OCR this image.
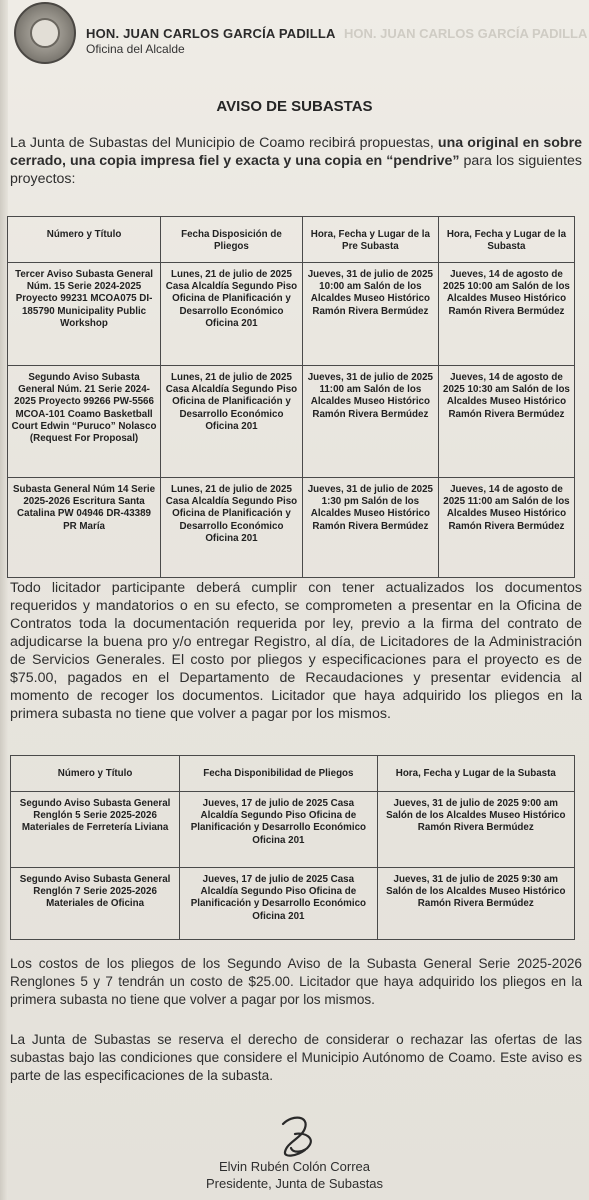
HON. JUAN CARLOS GARCÍA PADILLA
HON. JUAN CARLOS GARCÍA PADILLA
Oficina del Alcalde
AVISO DE SUBASTAS
La Junta de Subastas del Municipio de Coamo recibirá propuestas, una original en sobre cerrado, una copia impresa fiel y exacta y una copia en “pendrive” para los siguientes proyectos:
Número y Título	Fecha Disposición de Pliegos	Hora, Fecha y Lugar de la Pre Subasta	Hora, Fecha y Lugar de la Subasta
Tercer Aviso Subasta General Núm. 15 Serie 2024-2025 Proyecto 99231 MCOA075 DI-185790 Municipality Public Workshop	Lunes, 21 de julio de 2025 Casa Alcaldía Segundo Piso Oficina de Planificación y Desarrollo Económico Oficina 201	Jueves, 31 de julio de 2025 10:00 am Salón de los Alcaldes Museo Histórico Ramón Rivera Bermúdez	Jueves, 14 de agosto de 2025 10:00 am Salón de los Alcaldes Museo Histórico Ramón Rivera Bermúdez
Segundo Aviso Subasta General Núm. 21 Serie 2024-2025 Proyecto 99266 PW-5566 MCOA-101 Coamo Basketball Court Edwin “Puruco” Nolasco (Request For Proposal)	Lunes, 21 de julio de 2025 Casa Alcaldía Segundo Piso Oficina de Planificación y Desarrollo Económico Oficina 201	Jueves, 31 de julio de 2025 11:00 am Salón de los Alcaldes Museo Histórico Ramón Rivera Bermúdez	Jueves, 14 de agosto de 2025 10:30 am Salón de los Alcaldes Museo Histórico Ramón Rivera Bermúdez
Subasta General Núm 14 Serie 2025-2026 Escritura Santa Catalina PW 04946 DR-43389 PR María	Lunes, 21 de julio de 2025 Casa Alcaldía Segundo Piso Oficina de Planificación y Desarrollo Económico Oficina 201	Jueves, 31 de julio de 2025 1:30 pm Salón de los Alcaldes Museo Histórico Ramón Rivera Bermúdez	Jueves, 14 de agosto de 2025 11:00 am Salón de los Alcaldes Museo Histórico Ramón Rivera Bermúdez
Todo licitador participante deberá cumplir con tener actualizados los documentos requeridos y mandatorios o en su efecto, se comprometen a presentar en la Oficina de Contratos toda la documentación requerida por ley, previo a la firma del contrato de adjudicarse la buena pro y/o entregar Registro, al día, de Licitadores de la Administración de Servicios Generales. El costo por pliegos y especificaciones para el proyecto es de $75.00, pagados en el Departamento de Recaudaciones y presentar evidencia al momento de recoger los documentos. Licitador que haya adquirido los pliegos en la primera subasta no tiene que volver a pagar por los mismos.
Número y Título	Fecha Disponibilidad de Pliegos	Hora, Fecha y Lugar de la Subasta
Segundo Aviso Subasta General Renglón 5 Serie 2025-2026 Materiales de Ferretería Liviana	Jueves, 17 de julio de 2025 Casa Alcaldía Segundo Piso Oficina de Planificación y Desarrollo Económico Oficina 201	Jueves, 31 de julio de 2025 9:00 am Salón de los Alcaldes Museo Histórico Ramón Rivera Bermúdez
Segundo Aviso Subasta General Renglón 7 Serie 2025-2026 Materiales de Oficina	Jueves, 17 de julio de 2025 Casa Alcaldía Segundo Piso Oficina de Planificación y Desarrollo Económico Oficina 201	Jueves, 31 de julio de 2025 9:30 am Salón de los Alcaldes Museo Histórico Ramón Rivera Bermúdez
Los costos de los pliegos de los Segundo Aviso de la Subasta General Serie 2025-2026 Renglones 5 y 7 tendrán un costo de $25.00. Licitador que haya adquirido los pliegos en la primera subasta no tiene que volver a pagar por los mismos.
La Junta de Subastas se reserva el derecho de considerar o rechazar las ofertas de las subastas bajo las condiciones que considere el Municipio Autónomo de Coamo. Este aviso es parte de las especificaciones de la subasta.
Elvin Rubén Colón Correa
Presidente, Junta de Subastas
